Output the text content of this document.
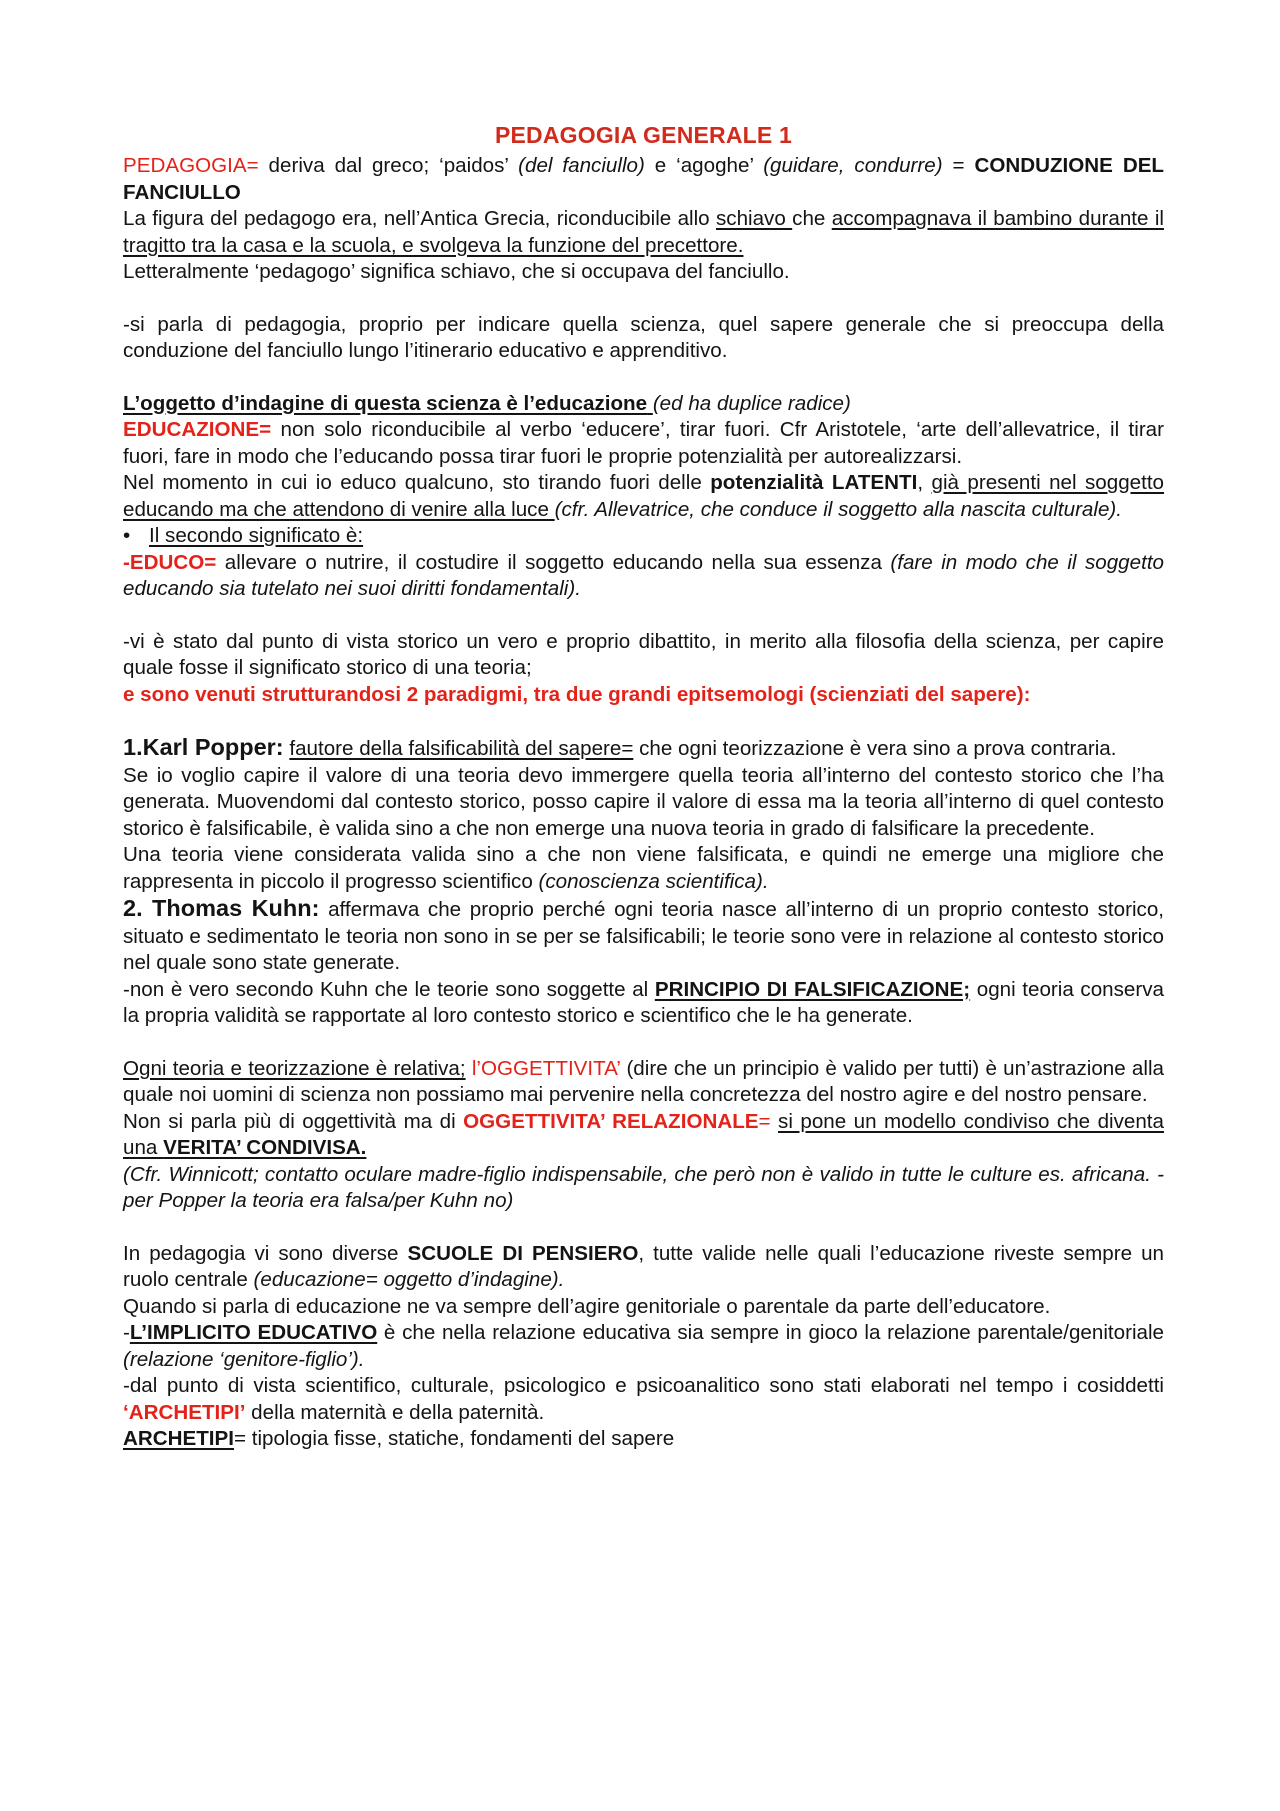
PEDAGOGIA GENERALE 1

PEDAGOGIA= deriva dal greco; ‘paidos’ (del fanciullo) e ‘agoghe’ (guidare, condurre) = CONDUZIONE DEL FANCIULLO

La figura del pedagogo era, nell’Antica Grecia, riconducibile allo schiavo che accompagnava il bambino durante il tragitto tra la casa e la scuola, e svolgeva la funzione del precettore.

Letteralmente ‘pedagogo’ significa schiavo, che si occupava del fanciullo.

-si parla di pedagogia, proprio per indicare quella scienza, quel sapere generale che si preoccupa della conduzione del fanciullo lungo l’itinerario educativo e apprenditivo.

L’oggetto d’indagine di questa scienza è l’educazione (ed ha duplice radice)

EDUCAZIONE= non solo riconducibile al verbo ‘educere’, tirar fuori. Cfr Aristotele, ‘arte dell’allevatrice, il tirar fuori, fare in modo che l’educando possa tirar fuori le proprie potenzialità per autorealizzarsi.

Nel momento in cui io educo qualcuno, sto tirando fuori delle potenzialità LATENTI, già presenti nel soggetto educando ma che attendono di venire alla luce (cfr. Allevatrice, che conduce il soggetto alla nascita culturale).

• Il secondo significato è:

-EDUCO= allevare o nutrire, il costudire il soggetto educando nella sua essenza (fare in modo che il soggetto educando sia tutelato nei suoi diritti fondamentali).

-vi è stato dal punto di vista storico un vero e proprio dibattito, in merito alla filosofia della scienza, per capire quale fosse il significato storico di una teoria;

e sono venuti strutturandosi 2 paradigmi, tra due grandi epitsemologi (scienziati del sapere):

1.Karl Popper: fautore della falsificabilità del sapere= che ogni teorizzazione è vera sino a prova contraria.

Se io voglio capire il valore di una teoria devo immergere quella teoria all’interno del contesto storico che l’ha generata. Muovendomi dal contesto storico, posso capire il valore di essa ma la teoria all’interno di quel contesto storico è falsificabile, è valida sino a che non emerge una nuova teoria in grado di falsificare la precedente.

Una teoria viene considerata valida sino a che non viene falsificata, e quindi ne emerge una migliore che rappresenta in piccolo il progresso scientifico (conoscienza scientifica).

2. Thomas Kuhn: affermava che proprio perché ogni teoria nasce all’interno di un proprio contesto storico, situato e sedimentato le teoria non sono in se per se falsificabili; le teorie sono vere in relazione al contesto storico nel quale sono state generate.

-non è vero secondo Kuhn che le teorie sono soggette al PRINCIPIO DI FALSIFICAZIONE; ogni teoria conserva la propria validità se rapportate al loro contesto storico e scientifico che le ha generate.

Ogni teoria e teorizzazione è relativa; l’OGGETTIVITA’ (dire che un principio è valido per tutti) è un’astrazione alla quale noi uomini di scienza non possiamo mai pervenire nella concretezza del nostro agire e del nostro pensare.

Non si parla più di oggettività ma di OGGETTIVITA’ RELAZIONALE= si pone un modello condiviso che diventa una VERITA’ CONDIVISA.

(Cfr. Winnicott; contatto oculare madre-figlio indispensabile, che però non è valido in tutte le culture es. africana. -per Popper la teoria era falsa/per Kuhn no)

In pedagogia vi sono diverse SCUOLE DI PENSIERO, tutte valide nelle quali l’educazione riveste sempre un ruolo centrale (educazione= oggetto d’indagine).

Quando si parla di educazione ne va sempre dell’agire genitoriale o parentale da parte dell’educatore.

-L’IMPLICITO EDUCATIVO è che nella relazione educativa sia sempre in gioco la relazione parentale/genitoriale (relazione ‘genitore-figlio’).

-dal punto di vista scientifico, culturale, psicologico e psicoanalitico sono stati elaborati nel tempo i cosiddetti ‘ARCHETIPI’ della maternità e della paternità.

ARCHETIPI= tipologia fisse, statiche, fondamenti del sapere
